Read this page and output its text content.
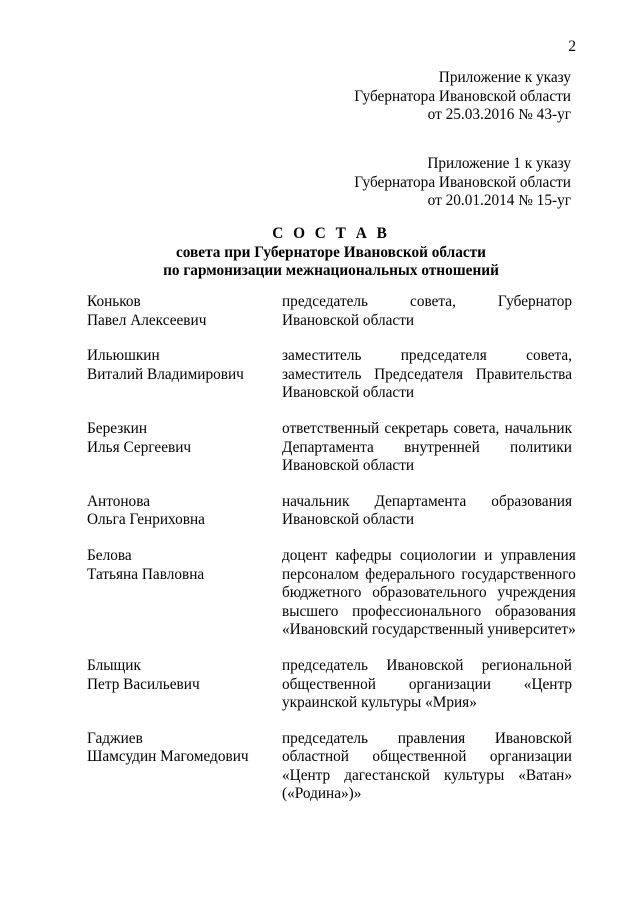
2
Приложение к указу
Губернатора Ивановской области
от 25.03.2016 № 43-уг
Приложение 1 к указу
Губернатора Ивановской области
от 20.01.2014 № 15-уг
С О С Т А В
совета при Губернаторе Ивановской области
по гармонизации межнациональных отношений
Коньков
Павел Алексеевич
председатель совета, Губернатор
Ивановской области
Ильюшкин
Виталий Владимирович
заместитель председателя совета,
заместитель Председателя Правительства
Ивановской области
Березкин
Илья Сергеевич
ответственный секретарь совета, начальник
Департамента внутренней политики
Ивановской области
Антонова
Ольга Генриховна
начальник Департамента образования
Ивановской области
Белова
Татьяна Павловна
доцент кафедры социологии и управления
персоналом федерального государственного
бюджетного образовательного учреждения
высшего профессионального образования
«Ивановский государственный университет»
Блыщик
Петр Васильевич
председатель Ивановской региональной
общественной организации «Центр
украинской культуры «Мрия»
Гаджиев
Шамсудин Магомедович
председатель правления Ивановской
областной общественной организации
«Центр дагестанской культуры «Ватан»
(«Родина»)»
